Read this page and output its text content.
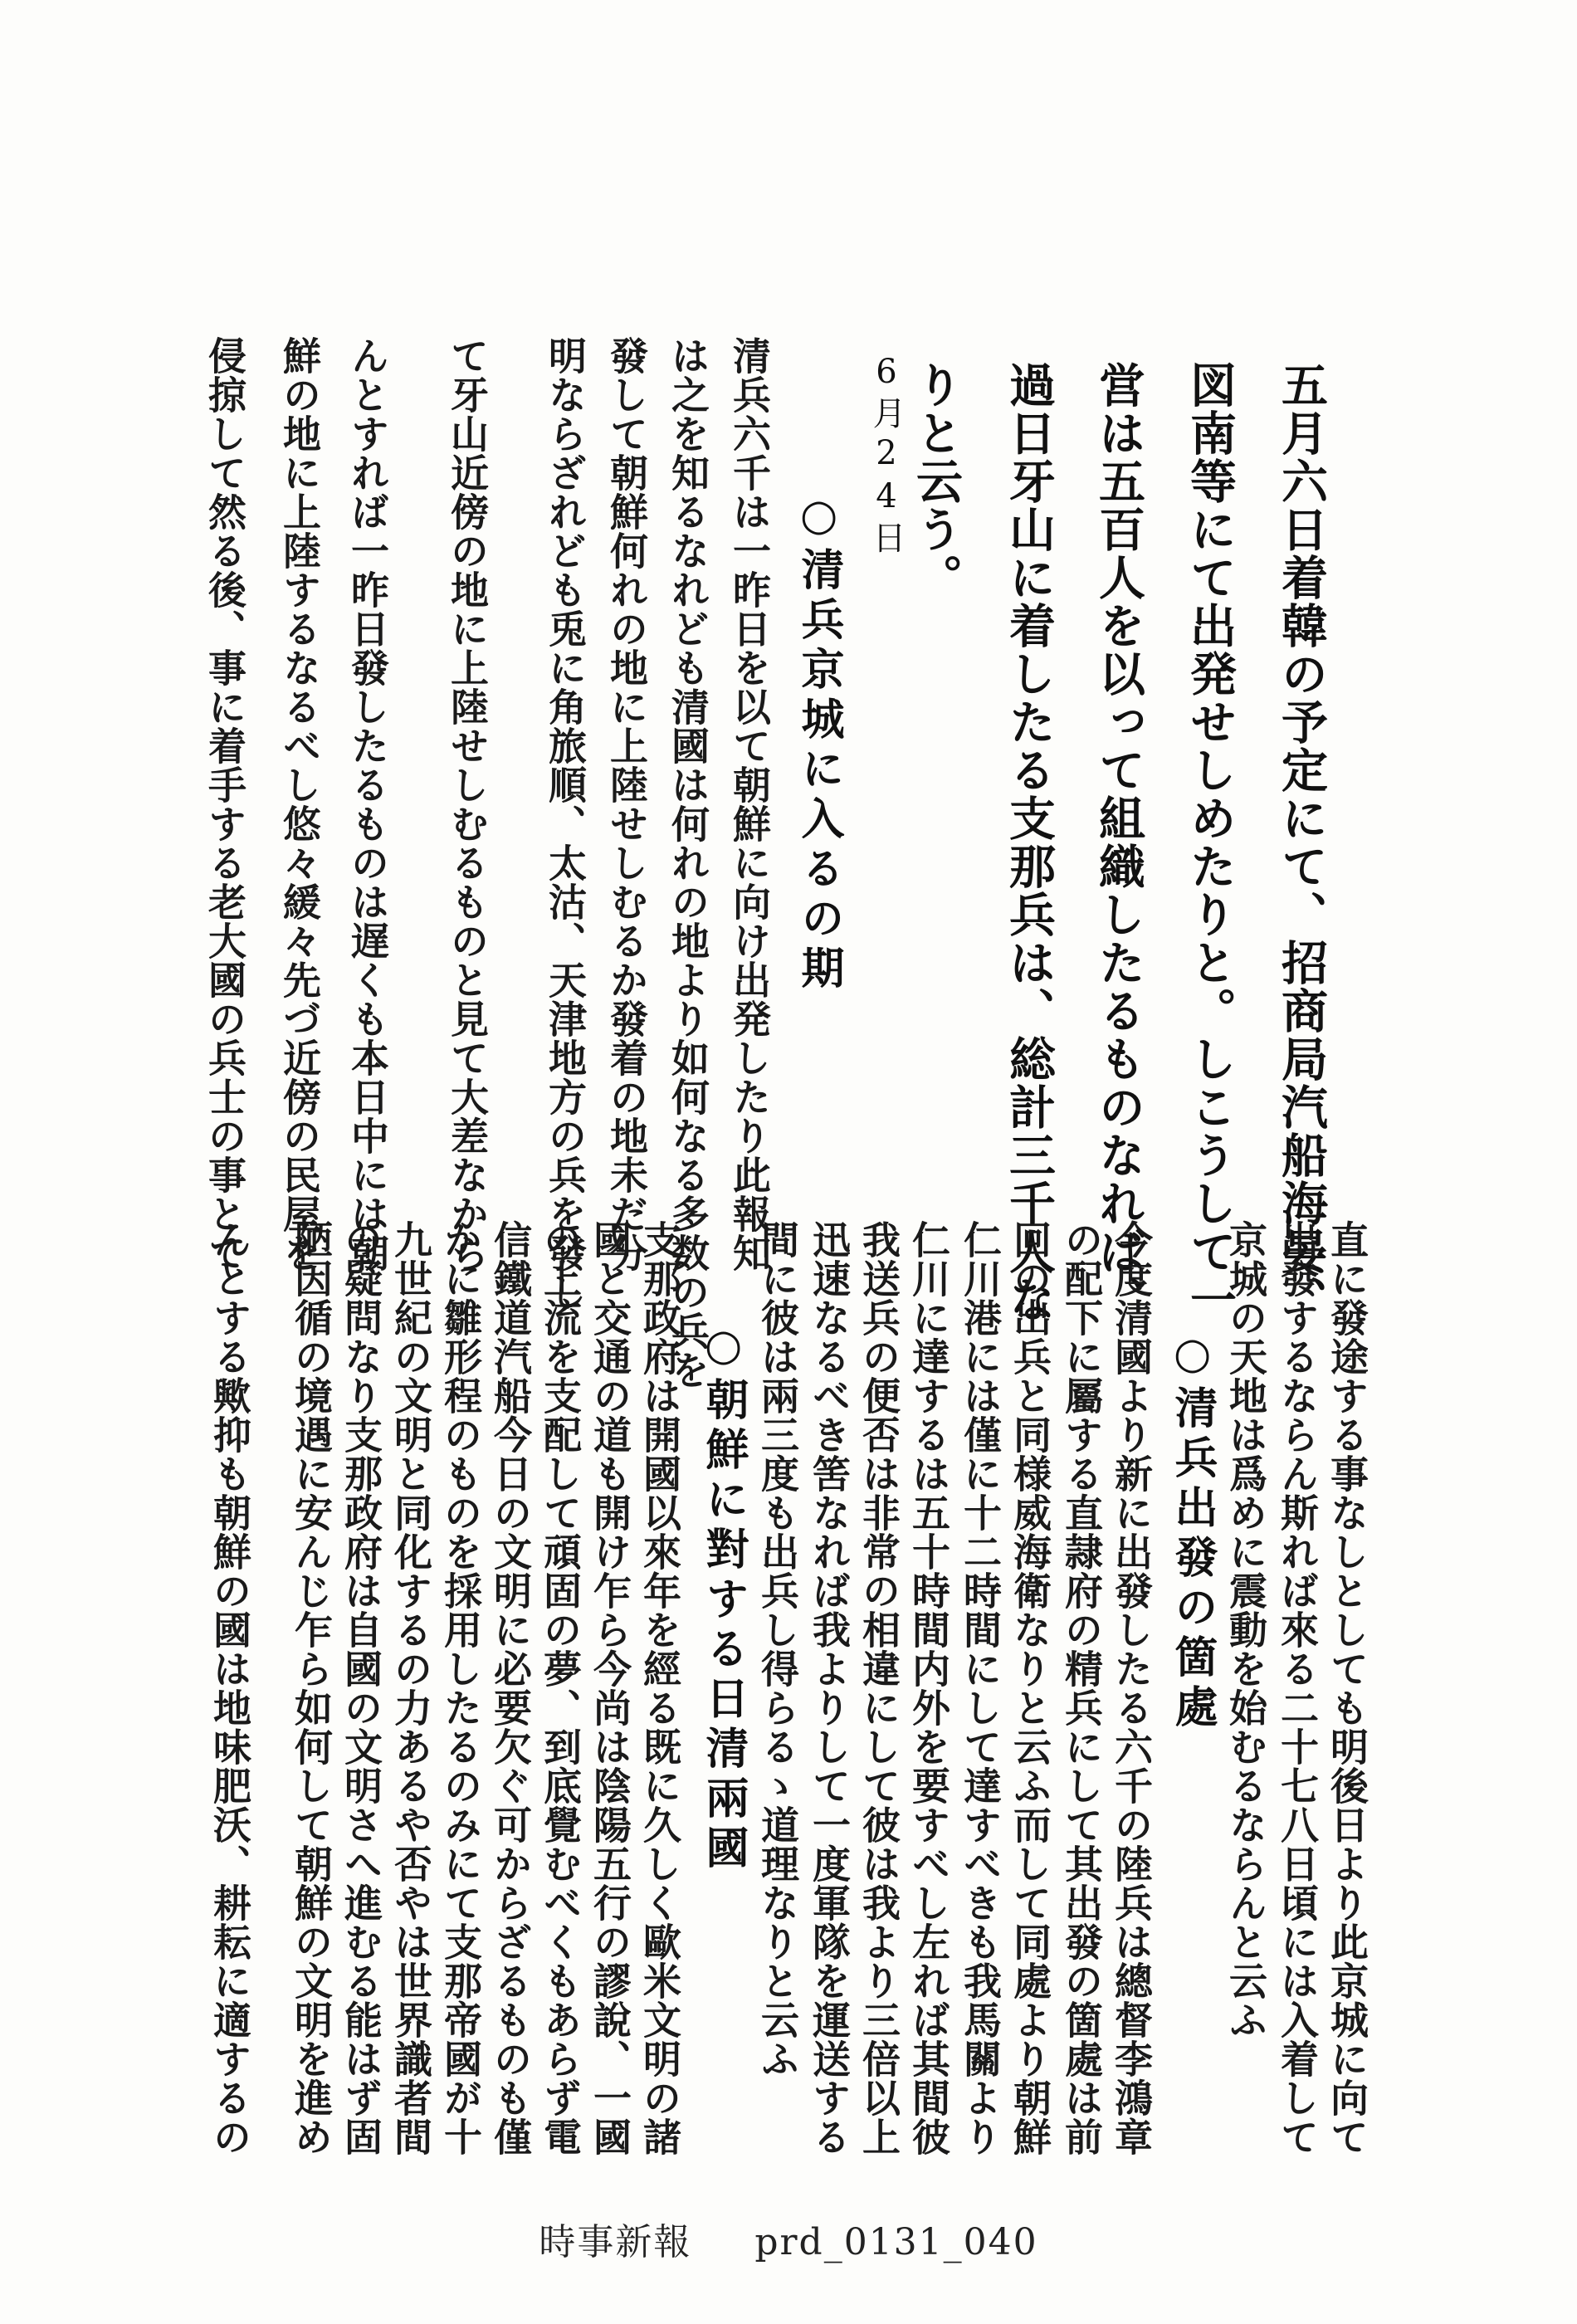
五月六日着韓の予定にて、招商局汽船海晏、
図南等にて出発せしめたりと。しこうして一
営は五百人を以って組織したるものなれば、
過日牙山に着したる支那兵は、総計三千人な
りと云う。
6月24日
○清兵京城に入るの期
清兵六千は一昨日を以て朝鮮に向け出発したり此報知
は之を知るなれども清國は何れの地より如何なる多数の兵を
發して朝鮮何れの地に上陸せしむるか發着の地未だ分
明ならざれども兎に角旅順、太沽、天津地方の兵を發し
て牙山近傍の地に上陸せしむるものと見て大差なから
んとすれば一昨日發したるものは遅くも本日中には朝
鮮の地に上陸するなるべし悠々緩々先づ近傍の民屋を
侵掠して然る後、事に着手する老大國の兵士の事とて
直に發途する事なしとしても明後日より此京城に向て
出發するならん斯れば來る二十七八日頃には入着して
京城の天地は爲めに震動を始むるならんと云ふ
○清兵出發の箇處
今度清國より新に出發したる六千の陸兵は總督李鴻章
の配下に屬する直隷府の精兵にして其出發の箇處は前
回の出兵と同様威海衛なりと云ふ而して同處より朝鮮
仁川港には僅に十二時間にして達すべきも我馬關より
仁川に達するは五十時間内外を要すべし左れば其間彼
我送兵の便否は非常の相違にして彼は我より三倍以上
迅速なるべき筈なれば我よりして一度軍隊を運送する
間に彼は兩三度も出兵し得らるゝ道理なりと云ふ
○朝鮮に對する日清兩國
支那政府は開國以來年を經る既に久しく歐米文明の諸
國と交通の道も開け乍ら今尚は陰陽五行の謬說、一國
の上流を支配して頑固の夢、到底覺むべくもあらず電
信鐵道汽船今日の文明に必要欠ぐ可からざるものも僅
かに雛形程のものを採用したるのみにて支那帝國が十
九世紀の文明と同化するの力あるや否やは世界識者間
の疑問なり支那政府は自國の文明さへ進むる能はず固
陋因循の境遇に安んじ乍ら如何して朝鮮の文明を進め
んとする歟抑も朝鮮の國は地味肥沃、耕耘に適するの
時事新報 prd_0131_040
